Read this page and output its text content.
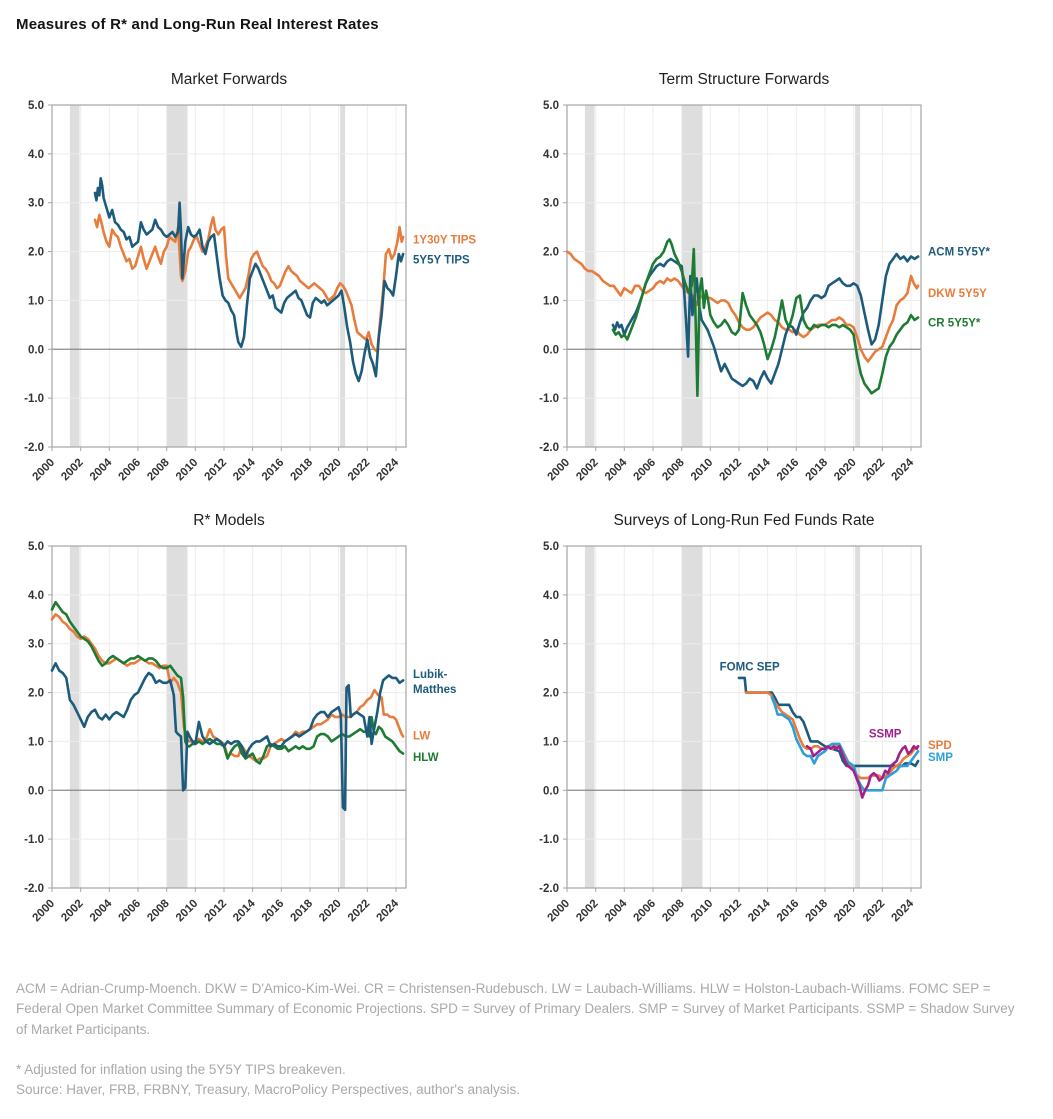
Measures of R* and Long-Run Real Interest Rates
Market Forwards
5.0
4.0
3.0
2.0
1.0
0.0
-1.0
-2.0
2000 2002 2004 2006 2008 2010 2012 2014 2016 2018 2020 2022 2024
1Y30Y TIPS
5Y5Y TIPS
Term Structure Forwards
5.0
4.0
3.0
2.0
1.0
0.0
-1.0
-2.0
2000 2002 2004 2006 2008 2010 2012 2014 2016 2018 2020 2022 2024
ACM 5Y5Y*
DKW 5Y5Y
CR 5Y5Y*
R* Models
5.0
4.0
3.0
2.0
1.0
0.0
-1.0
-2.0
2000 2002 2004 2006 2008 2010 2012 2014 2016 2018 2020 2022 2024
Lubik-Matthes
LW
HLW
Surveys of Long-Run Fed Funds Rate
5.0
4.0
3.0
2.0
1.0
0.0
-1.0
-2.0
2000 2002 2004 2006 2008 2010 2012 2014 2016 2018 2020 2022 2024
SPD
SMP
FOMC SEP
SSMP

ACM = Adrian-Crump-Moench. DKW = D'Amico-Kim-Wei. CR = Christensen-Rudebusch. LW = Laubach-Williams. HLW = Holston-Laubach-Williams. FOMC SEP = Federal Open Market Committee Summary of Economic Projections. SPD = Survey of Primary Dealers. SMP = Survey of Market Participants. SSMP = Shadow Survey of Market Participants.

* Adjusted for inflation using the 5Y5Y TIPS breakeven.

Source: Haver, FRB, FRBNY, Treasury, MacroPolicy Perspectives, author's analysis.
